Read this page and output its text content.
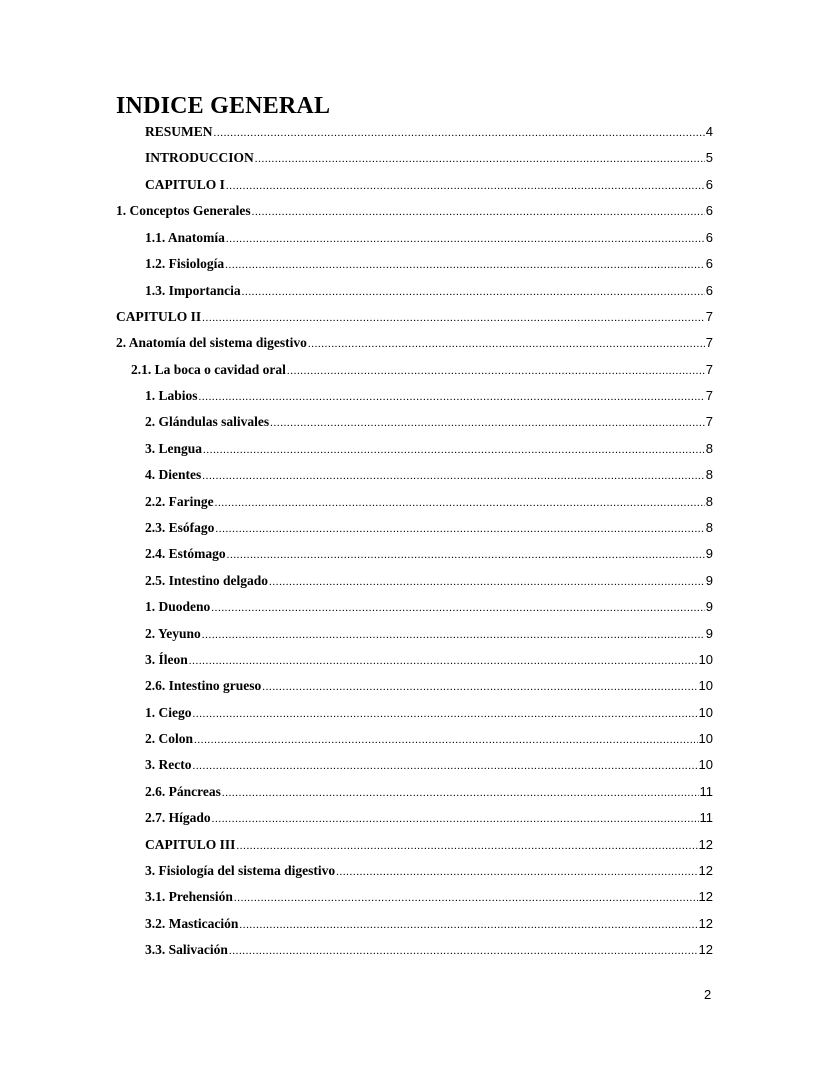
INDICE GENERAL
RESUMEN .....	4
INTRODUCCION .....	5
CAPITULO I .....	6
1. Conceptos Generales .....	6
1.1. Anatomía .....	6
1.2. Fisiología .....	6
1.3. Importancia .....	6
CAPITULO II .....	7
2. Anatomía del sistema digestivo .....	7
2.1. La boca o cavidad oral .....	7
1. Labios .....	7
2. Glándulas salivales .....	7
3. Lengua .....	8
4. Dientes .....	8
2.2. Faringe .....	8
2.3. Esófago .....	8
2.4. Estómago .....	9
2.5. Intestino delgado .....	9
1. Duodeno .....	9
2. Yeyuno .....	9
3. Íleon .....	10
2.6. Intestino grueso .....	10
1. Ciego .....	10
2. Colon .....	10
3. Recto .....	10
2.6. Páncreas .....	11
2.7. Hígado .....	11
CAPITULO III .....	12
3. Fisiología del sistema digestivo .....	12
3.1. Prehensión .....	12
3.2. Masticación .....	12
3.3. Salivación .....	12
2
